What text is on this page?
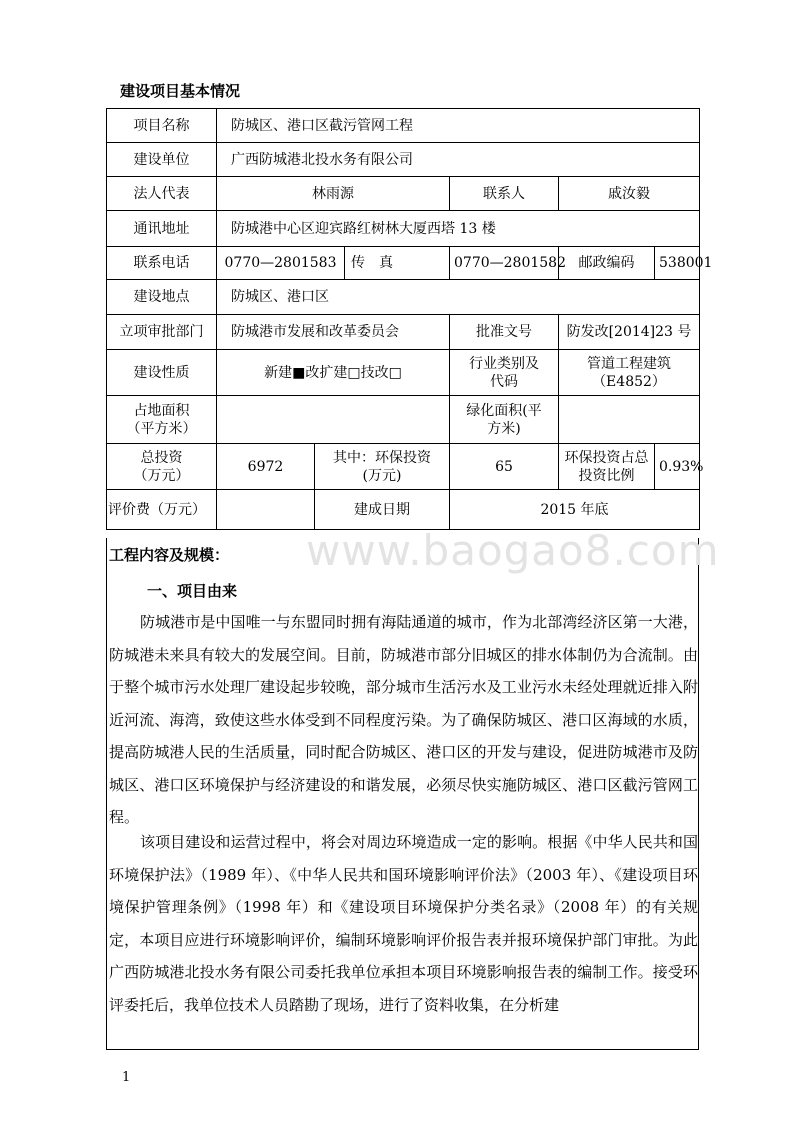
建设项目基本情况
项目名称	防城区、港口区截污管网工程					
建设单位	广西防城港北投水务有限公司					
法人代表	林雨源			联系人	戚汝毅	
通讯地址	防城港中心区迎宾路红树林大厦西塔 13 楼					
联系电话	0770—2801583		传　真	0770—2801582	邮政编码	538001
建设地点	防城区、港口区					
立项审批部门	防城港市发展和改革委员会			批准文号	防发改[2014]23 号	
建设性质	新建■改扩建□技改□			行业类别及代码	管道工程建筑（E4852）	
占地面积（平方米）				绿化面积(平方米)		
总投资（万元）	6972	其中：环保投资(万元)		65	环保投资占总投资比例	0.93%
评价费（万元）		建成日期		2015 年底		
工程内容及规模：
一、项目由来
防城港市是中国唯一与东盟同时拥有海陆通道的城市，作为北部湾经济区第一大港，防城港未来具有较大的发展空间。目前，防城港市部分旧城区的排水体制仍为合流制。由于整个城市污水处理厂建设起步较晚，部分城市生活污水及工业污水未经处理就近排入附近河流、海湾，致使这些水体受到不同程度污染。为了确保防城区、港口区海域的水质，提高防城港人民的生活质量，同时配合防城区、港口区的开发与建设，促进防城港市及防城区、港口区环境保护与经济建设的和谐发展，必须尽快实施防城区、港口区截污管网工程。
该项目建设和运营过程中，将会对周边环境造成一定的影响。根据《中华人民共和国环境保护法》（1989 年）、《中华人民共和国环境影响评价法》（2003 年）、《建设项目环境保护管理条例》（1998 年）和《建设项目环境保护分类名录》（2008 年）的有关规定，本项目应进行环境影响评价，编制环境影响评价报告表并报环境保护部门审批。为此广西防城港北投水务有限公司委托我单位承担本项目环境影响报告表的编制工作。接受环评委托后，我单位技术人员踏勘了现场，进行了资料收集，在分析建
www.baogao8.com
1
